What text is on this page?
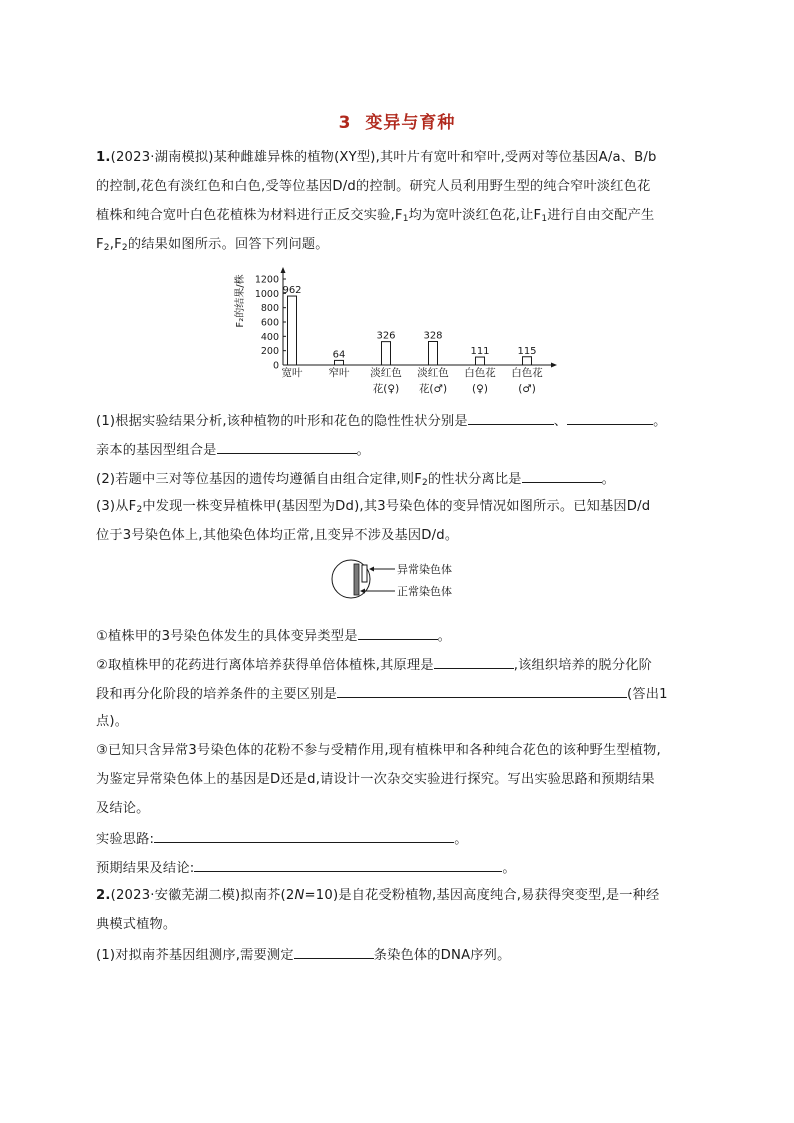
3 变异与育种
1.(2023·湖南模拟)某种雌雄异株的植物(XY型),其叶片有宽叶和窄叶,受两对等位基因A/a、B/b
的控制,花色有淡红色和白色,受等位基因D/d的控制。研究人员利用野生型的纯合窄叶淡红色花
植株和纯合宽叶白色花植株为材料进行正反交实验$,F_1$均为宽叶淡红色花,让$F_1$进行自由交配产生
$F_2,F_2$的结果如图所示。回答下列问题。
F₂的结果/株
0
200
400
600
800
1000
1200
962
宽叶
64
窄叶
326
淡红色
花(♀)
328
淡红色
花(♂)
111
白色花
(♀)
115
白色花
(♂)
(1)根据实验结果分析,该种植物的叶形和花色的隐性性状分别是	、	。
亲本的基因型组合是	。
(2)若题中三对等位基因的遗传均遵循自由组合定律,则$F_2$的性状分离比是	。
(3)从$F_2$中发现一株变异植株甲(基因型为Dd),其3号染色体的变异情况如图所示。已知基因D/d
位于3号染色体上,其他染色体均正常,且变异不涉及基因D/d。
异常染色体
正常染色体
①植株甲的3号染色体发生的具体变异类型是	。
②取植株甲的花药进行离体培养获得单倍体植株,其原理是	,该组织培养的脱分化阶
段和再分化阶段的培养条件的主要区别是	(答出1
点)。
③已知只含异常3号染色体的花粉不参与受精作用,现有植株甲和各种纯合花色的该种野生型植物,
为鉴定异常染色体上的基因是D还是d,请设计一次杂交实验进行探究。写出实验思路和预期结果
及结论。
实验思路:	。
预期结果及结论:	。
2.(2023·安徽芜湖二模)拟南芥(2N=10)是自花受粉植物,基因高度纯合,易获得突变型,是一种经
典模式植物。
(1)对拟南芥基因组测序,需要测定	条染色体的DNA序列。
